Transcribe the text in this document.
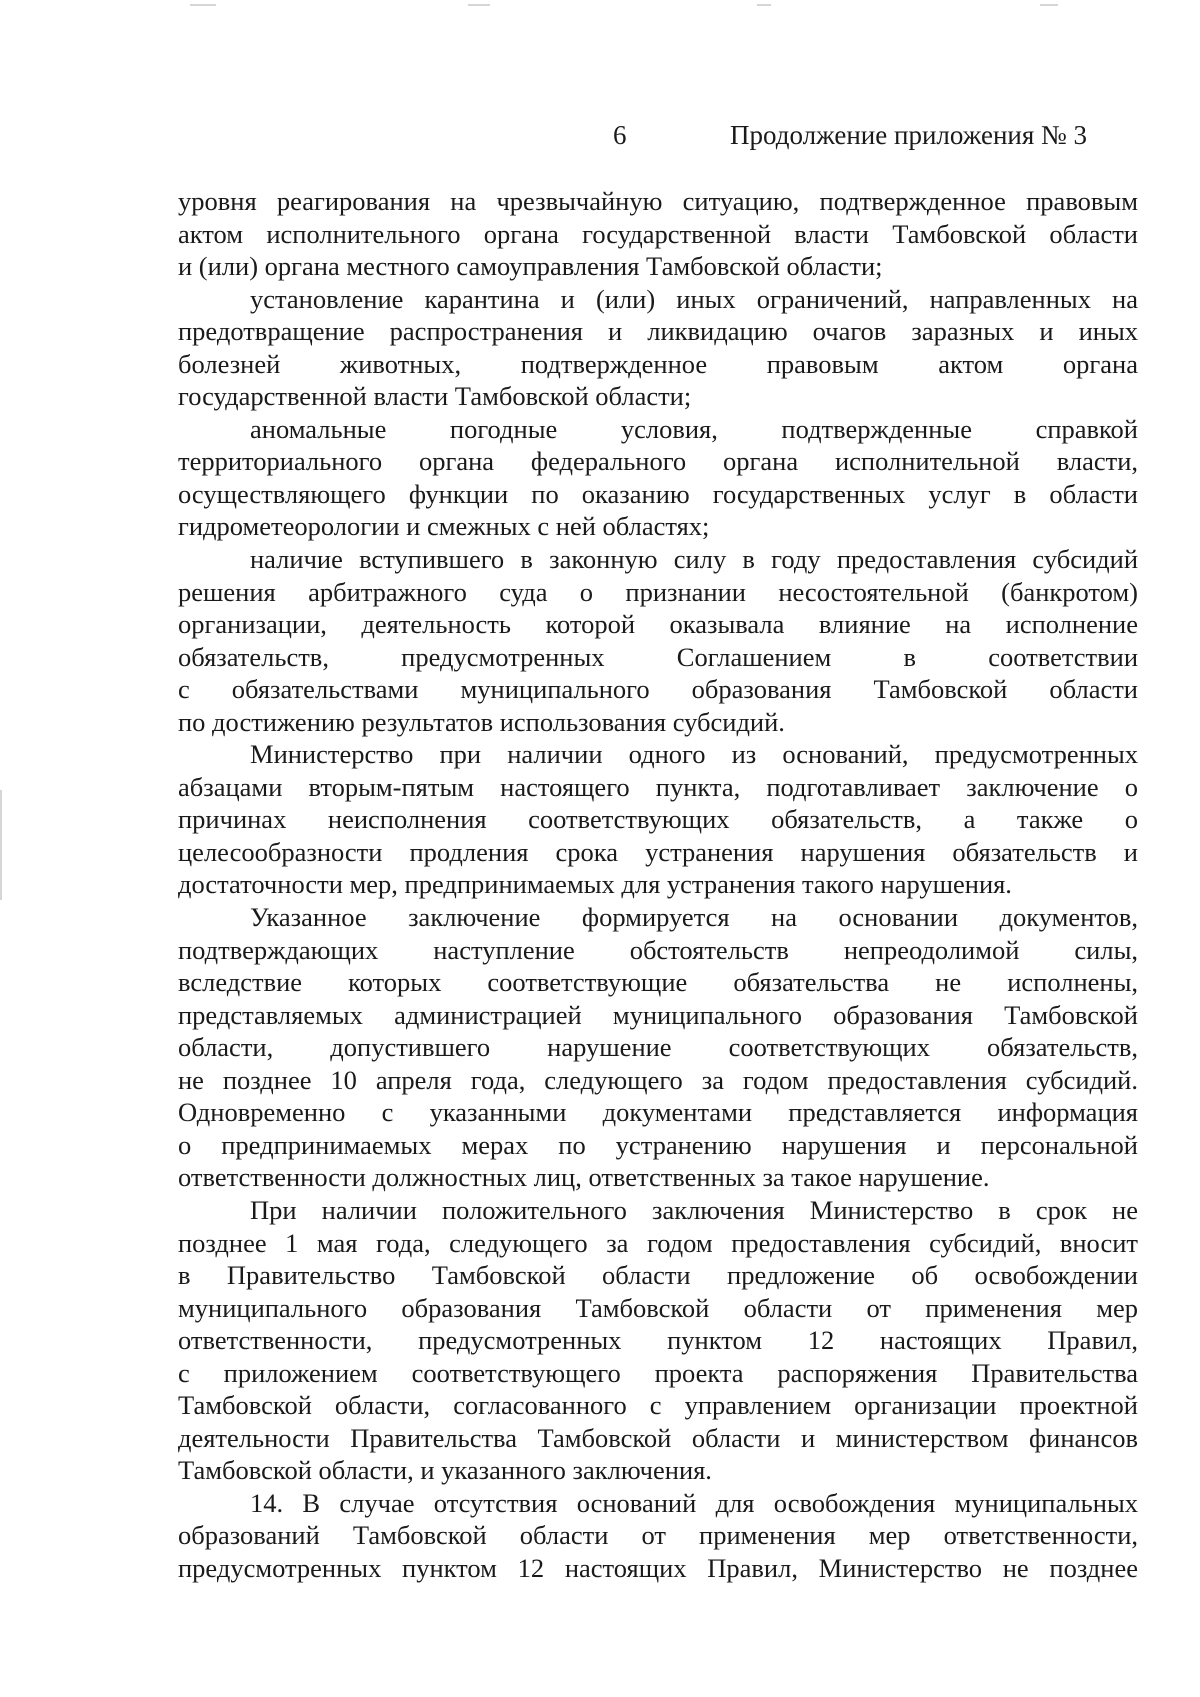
6	Продолжение приложения № 3
уровня реагирования на чрезвычайную ситуацию, подтвержденное правовым
актом исполнительного органа государственной власти Тамбовской области
и (или) органа местного самоуправления Тамбовской области;
установление карантина и (или) иных ограничений, направленных на
предотвращение распространения и ликвидацию очагов заразных и иных
болезней животных, подтвержденное правовым актом органа
государственной власти Тамбовской области;
аномальные погодные условия, подтвержденные справкой
территориального органа федерального органа исполнительной власти,
осуществляющего функции по оказанию государственных услуг в области
гидрометеорологии и смежных с ней областях;
наличие вступившего в законную силу в году предоставления субсидий
решения арбитражного суда о признании несостоятельной (банкротом)
организации, деятельность которой оказывала влияние на исполнение
обязательств, предусмотренных Соглашением в соответствии
с обязательствами муниципального образования Тамбовской области
по достижению результатов использования субсидий.
Министерство при наличии одного из оснований, предусмотренных
абзацами вторым-пятым настоящего пункта, подготавливает заключение о
причинах неисполнения соответствующих обязательств, а также о
целесообразности продления срока устранения нарушения обязательств и
достаточности мер, предпринимаемых для устранения такого нарушения.
Указанное заключение формируется на основании документов,
подтверждающих наступление обстоятельств непреодолимой силы,
вследствие которых соответствующие обязательства не исполнены,
представляемых администрацией муниципального образования Тамбовской
области, допустившего нарушение соответствующих обязательств,
не позднее 10 апреля года, следующего за годом предоставления субсидий.
Одновременно с указанными документами представляется информация
о предпринимаемых мерах по устранению нарушения и персональной
ответственности должностных лиц, ответственных за такое нарушение.
При наличии положительного заключения Министерство в срок не
позднее 1 мая года, следующего за годом предоставления субсидий, вносит
в Правительство Тамбовской области предложение об освобождении
муниципального образования Тамбовской области от применения мер
ответственности, предусмотренных пунктом 12 настоящих Правил,
с приложением соответствующего проекта распоряжения Правительства
Тамбовской области, согласованного с управлением организации проектной
деятельности Правительства Тамбовской области и министерством финансов
Тамбовской области, и указанного заключения.
14. В случае отсутствия оснований для освобождения муниципальных
образований Тамбовской области от применения мер ответственности,
предусмотренных пунктом 12 настоящих Правил, Министерство не позднее
